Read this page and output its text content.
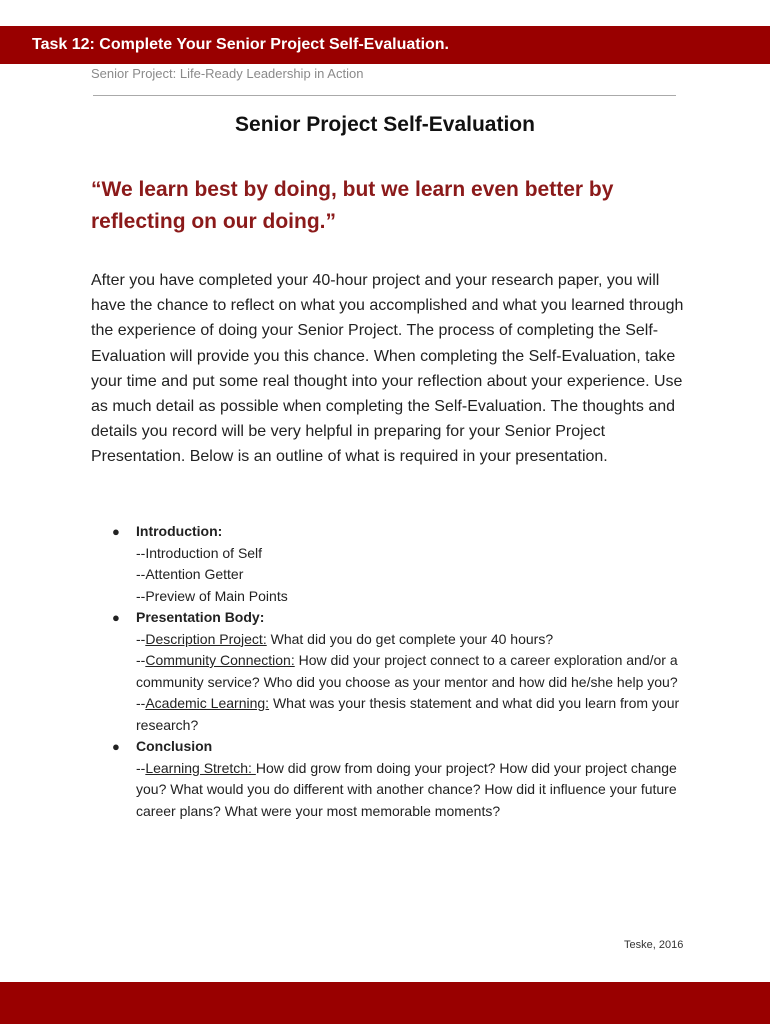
Task 12: Complete Your Senior Project Self-Evaluation.
Senior Project: Life-Ready Leadership in Action
Senior Project Self-Evaluation
“We learn best by doing, but we learn even better by reflecting on our doing.”
After you have completed your 40-hour project and your research paper, you will have the chance to reflect on what you accomplished and what you learned through the experience of doing your Senior Project. The process of completing the Self-Evaluation will provide you this chance. When completing the Self-Evaluation, take your time and put some real thought into your reflection about your experience. Use as much detail as possible when completing the Self-Evaluation. The thoughts and details you record will be very helpful in preparing for your Senior Project Presentation. Below is an outline of what is required in your presentation.
● Introduction:
--Introduction of Self
--Attention Getter
--Preview of Main Points
● Presentation Body:
--Description Project: What did you do get complete your 40 hours?
--Community Connection: How did your project connect to a career exploration and/or a community service? Who did you choose as your mentor and how did he/she help you?
--Academic Learning: What was your thesis statement and what did you learn from your research?
● Conclusion
--Learning Stretch: How did grow from doing your project? How did your project change you? What would you do different with another chance? How did it influence your future career plans? What were your most memorable moments?
Teske, 2016
